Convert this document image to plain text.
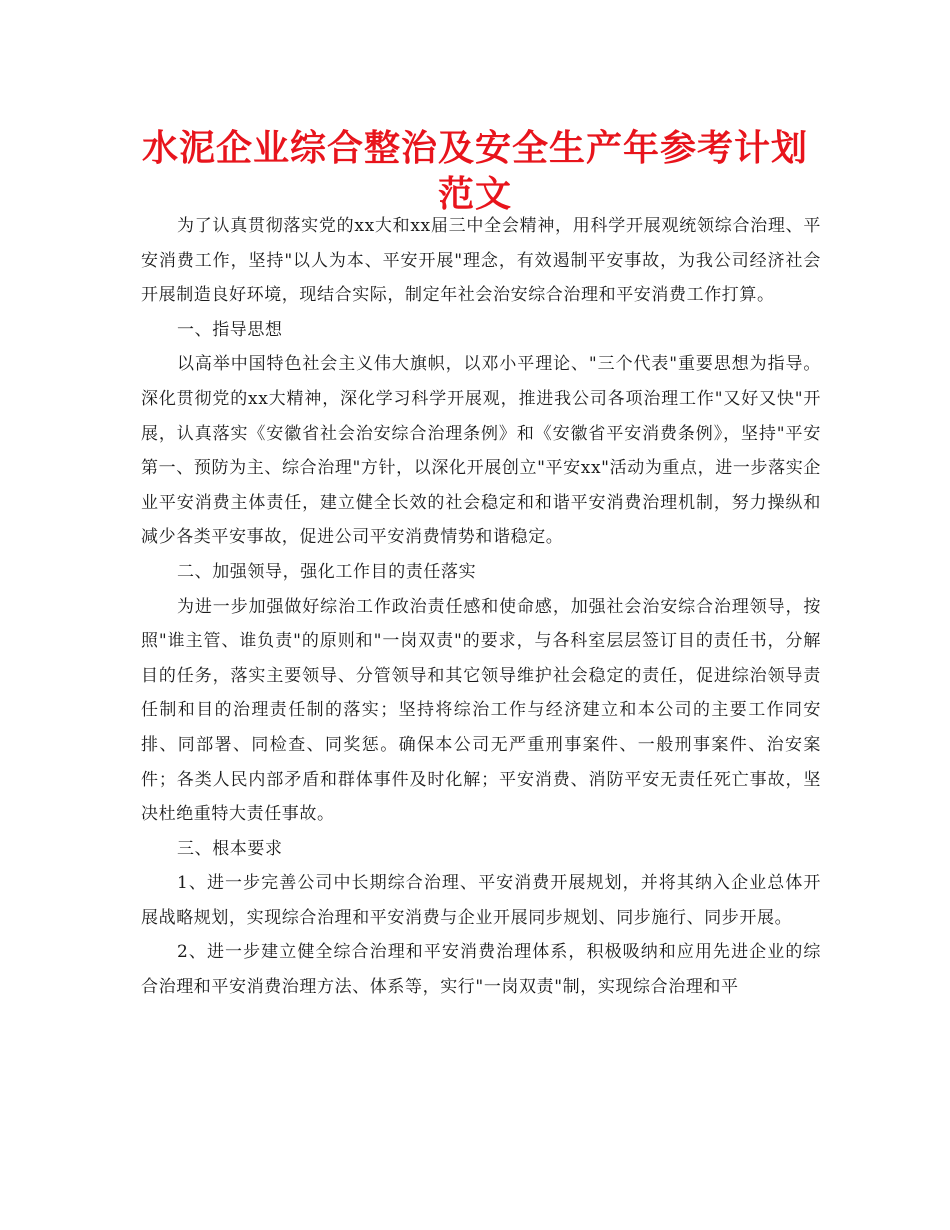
水泥企业综合整治及安全生产年参考计划范文

为了认真贯彻落实党的xx大和xx届三中全会精神，用科学开展观统领综合治理、平安消费工作，坚持"以人为本、平安开展"理念，有效遏制平安事故，为我公司经济社会开展制造良好环境，现结合实际，制定年社会治安综合治理和平安消费工作打算。

一、指导思想

以高举中国特色社会主义伟大旗帜，以邓小平理论、"三个代表"重要思想为指导。深化贯彻党的xx大精神，深化学习科学开展观，推进我公司各项治理工作"又好又快"开展，认真落实《安徽省社会治安综合治理条例》和《安徽省平安消费条例》，坚持"平安第一、预防为主、综合治理"方针，以深化开展创立"平安xx"活动为重点，进一步落实企业平安消费主体责任，建立健全长效的社会稳定和和谐平安消费治理机制，努力操纵和减少各类平安事故，促进公司平安消费情势和谐稳定。

二、加强领导，强化工作目的责任落实

为进一步加强做好综治工作政治责任感和使命感，加强社会治安综合治理领导，按照"谁主管、谁负责"的原则和"一岗双责"的要求，与各科室层层签订目的责任书，分解目的任务，落实主要领导、分管领导和其它领导维护社会稳定的责任，促进综治领导责任制和目的治理责任制的落实；坚持将综治工作与经济建立和本公司的主要工作同安排、同部署、同检查、同奖惩。确保本公司无严重刑事案件、一般刑事案件、治安案件；各类人民内部矛盾和群体事件及时化解；平安消费、消防平安无责任死亡事故，坚决杜绝重特大责任事故。

三、根本要求

1、进一步完善公司中长期综合治理、平安消费开展规划，并将其纳入企业总体开展战略规划，实现综合治理和平安消费与企业开展同步规划、同步施行、同步开展。

2、进一步建立健全综合治理和平安消费治理体系，积极吸纳和应用先进企业的综合治理和平安消费治理方法、体系等，实行"一岗双责"制，实现综合治理和平
